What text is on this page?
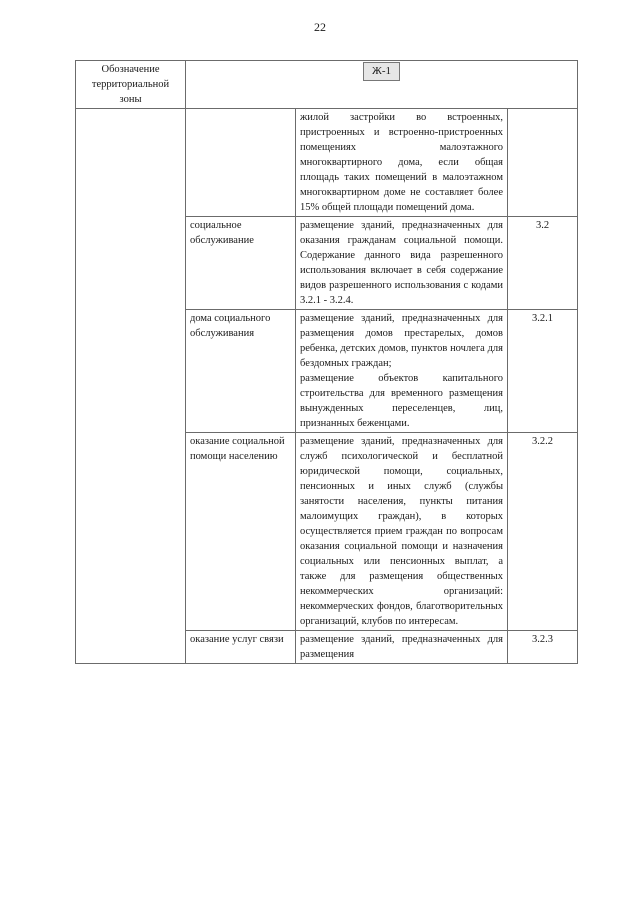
22
Обозначение территориальной зоны	Ж-1		
		жилой застройки во встроенных, пристроенных и встроенно-пристроенных помещениях малоэтажного многоквартирного дома, если общая площадь таких помещений в малоэтажном многоквартирном доме не составляет более 15% общей площади помещений дома.	
	социальное обслуживание	размещение зданий, предназначенных для оказания гражданам социальной помощи. Содержание данного вида разрешенного использования включает в себя содержание видов разрешенного использования с кодами 3.2.1 - 3.2.4.	3.2
	дома социального обслуживания	размещение зданий, предназначенных для размещения домов престарелых, домов ребенка, детских домов, пунктов ночлега для бездомных граждан;
размещение объектов капитального строительства для временного размещения вынужденных переселенцев, лиц, признанных беженцами.	3.2.1
	оказание социальной помощи населению	размещение зданий, предназначенных для служб психологической и бесплатной юридической помощи, социальных, пенсионных и иных служб (службы занятости населения, пункты питания малоимущих граждан), в которых осуществляется прием граждан по вопросам оказания социальной помощи и назначения социальных или пенсионных выплат, а также для размещения общественных некоммерческих организаций: некоммерческих фондов, благотворительных организаций, клубов по интересам.	3.2.2
	оказание услуг связи	размещение зданий, предназначенных для размещения	3.2.3
